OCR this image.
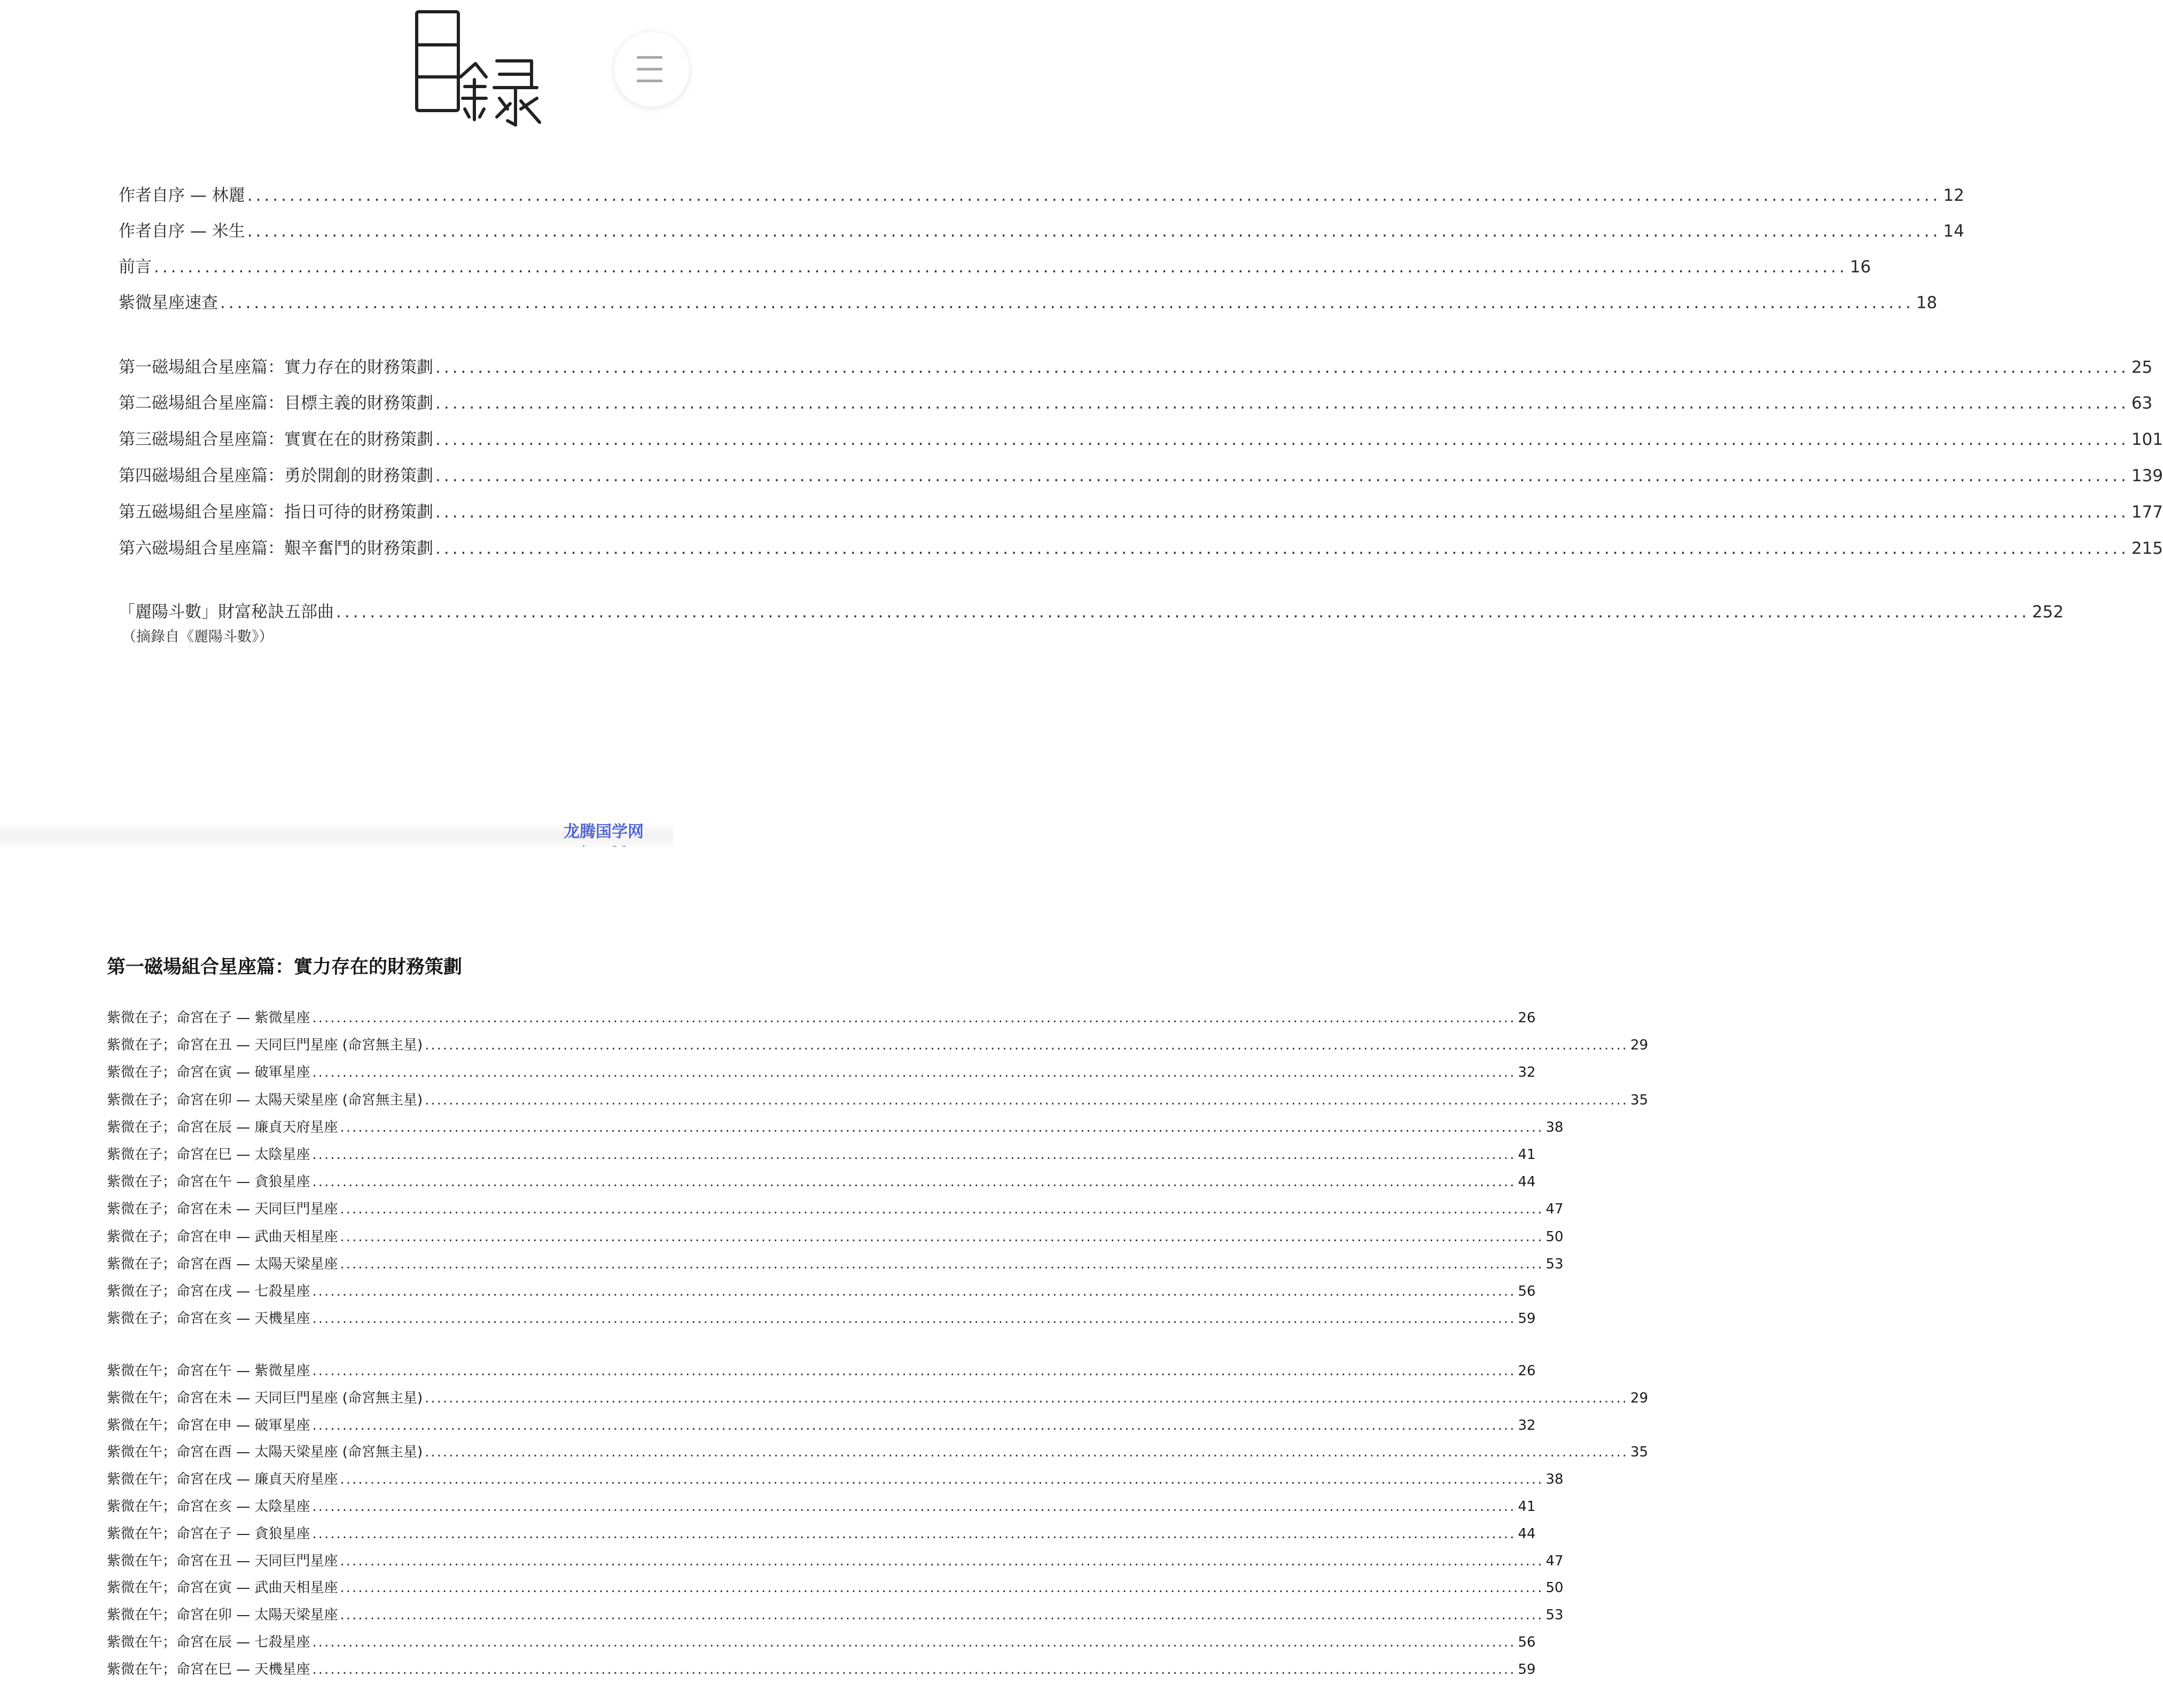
作者自序 — 林麗 ........................................................................................................................................................................................................ 12
作者自序 — 米生 ........................................................................................................................................................................................................ 14
前言 ........................................................................................................................................................................................................ 16
紫微星座速查 ........................................................................................................................................................................................................ 18
第一磁場組合星座篇：實力存在的財務策劃 ........................................................................................................................................................................................................ 25
第二磁場組合星座篇：目標主義的財務策劃 ........................................................................................................................................................................................................ 63
第三磁場組合星座篇：實實在在的財務策劃 ........................................................................................................................................................................................................ 101
第四磁場組合星座篇：勇於開創的財務策劃 ........................................................................................................................................................................................................ 139
第五磁場組合星座篇：指日可待的財務策劃 ........................................................................................................................................................................................................ 177
第六磁場組合星座篇：艱辛奮鬥的財務策劃 ........................................................................................................................................................................................................ 215
「麗陽斗數」財富秘訣五部曲 ........................................................................................................................................................................................................ 252
（摘錄自《麗陽斗數》）
龙腾国学网
第一磁場組合星座篇：實力存在的財務策劃
紫微在子；命宮在子 — 紫微星座 ........................................................................................................................................................................................................ 26
紫微在子；命宮在丑 — 天同巨門星座 (命宮無主星) ........................................................................................................................................................................................................ 29
紫微在子；命宮在寅 — 破軍星座 ........................................................................................................................................................................................................ 32
紫微在子；命宮在卯 — 太陽天梁星座 (命宮無主星) ........................................................................................................................................................................................................ 35
紫微在子；命宮在辰 — 廉貞天府星座 ........................................................................................................................................................................................................ 38
紫微在子；命宮在巳 — 太陰星座 ........................................................................................................................................................................................................ 41
紫微在子；命宮在午 — 貪狼星座 ........................................................................................................................................................................................................ 44
紫微在子；命宮在未 — 天同巨門星座 ........................................................................................................................................................................................................ 47
紫微在子；命宮在申 — 武曲天相星座 ........................................................................................................................................................................................................ 50
紫微在子；命宮在酉 — 太陽天梁星座 ........................................................................................................................................................................................................ 53
紫微在子；命宮在戌 — 七殺星座 ........................................................................................................................................................................................................ 56
紫微在子；命宮在亥 — 天機星座 ........................................................................................................................................................................................................ 59
紫微在午；命宮在午 — 紫微星座 ........................................................................................................................................................................................................ 26
紫微在午；命宮在未 — 天同巨門星座 (命宮無主星) ........................................................................................................................................................................................................ 29
紫微在午；命宮在申 — 破軍星座 ........................................................................................................................................................................................................ 32
紫微在午；命宮在酉 — 太陽天梁星座 (命宮無主星) ........................................................................................................................................................................................................ 35
紫微在午；命宮在戌 — 廉貞天府星座 ........................................................................................................................................................................................................ 38
紫微在午；命宮在亥 — 太陰星座 ........................................................................................................................................................................................................ 41
紫微在午；命宮在子 — 貪狼星座 ........................................................................................................................................................................................................ 44
紫微在午；命宮在丑 — 天同巨門星座 ........................................................................................................................................................................................................ 47
紫微在午；命宮在寅 — 武曲天相星座 ........................................................................................................................................................................................................ 50
紫微在午；命宮在卯 — 太陽天梁星座 ........................................................................................................................................................................................................ 53
紫微在午；命宮在辰 — 七殺星座 ........................................................................................................................................................................................................ 56
紫微在午；命宮在巳 — 天機星座 ........................................................................................................................................................................................................ 59
